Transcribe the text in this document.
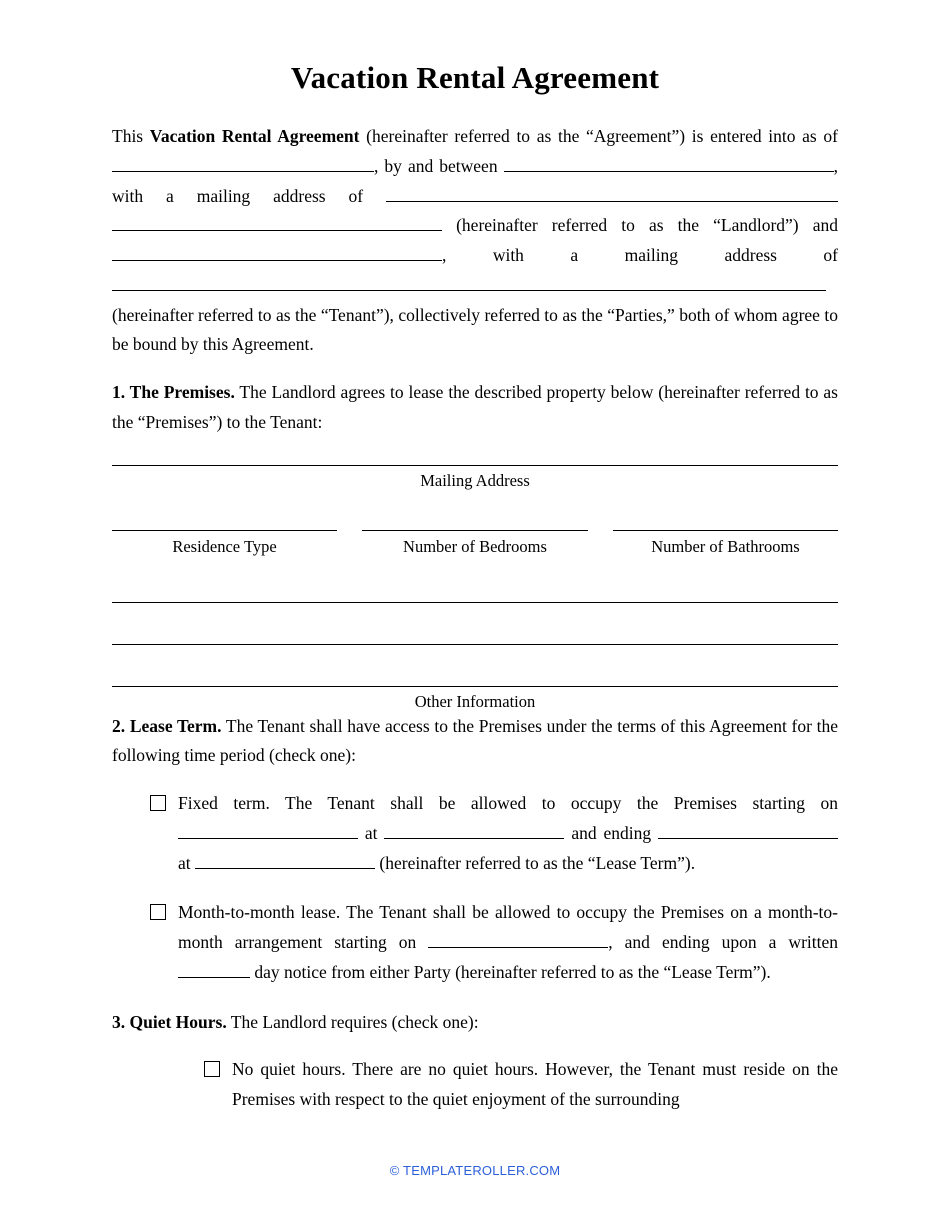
Vacation Rental Agreement

This Vacation Rental Agreement (hereinafter referred to as the “Agreement”) is entered into as of , by and between	, with a mailing address of  (hereinafter referred to as the “Landlord”) and , with a mailing address of  (hereinafter referred to as the “Tenant”), collectively referred to as the “Parties,” both of whom agree to be bound by this Agreement.

1. The Premises. The Landlord agrees to lease the described property below (hereinafter referred to as the “Premises”) to the Tenant:

Mailing Address
Residence Type	Number of Bedrooms	Number of Bathrooms
Other Information

2. Lease Term. The Tenant shall have access to the Premises under the terms of this Agreement for the following time period (check one):

Fixed term. The Tenant shall be allowed to occupy the Premises starting on  at	and ending at	(hereinafter referred to as the “Lease Term”).
Month-to-month lease. The Tenant shall be allowed to occupy the Premises on a month-to-month arrangement starting on	, and ending upon a written  day notice from either Party (hereinafter referred to as the “Lease Term”).

3. Quiet Hours. The Landlord requires (check one):

No quiet hours. There are no quiet hours. However, the Tenant must reside on the Premises with respect to the quiet enjoyment of the surrounding
© TEMPLATEROLLER.COM
